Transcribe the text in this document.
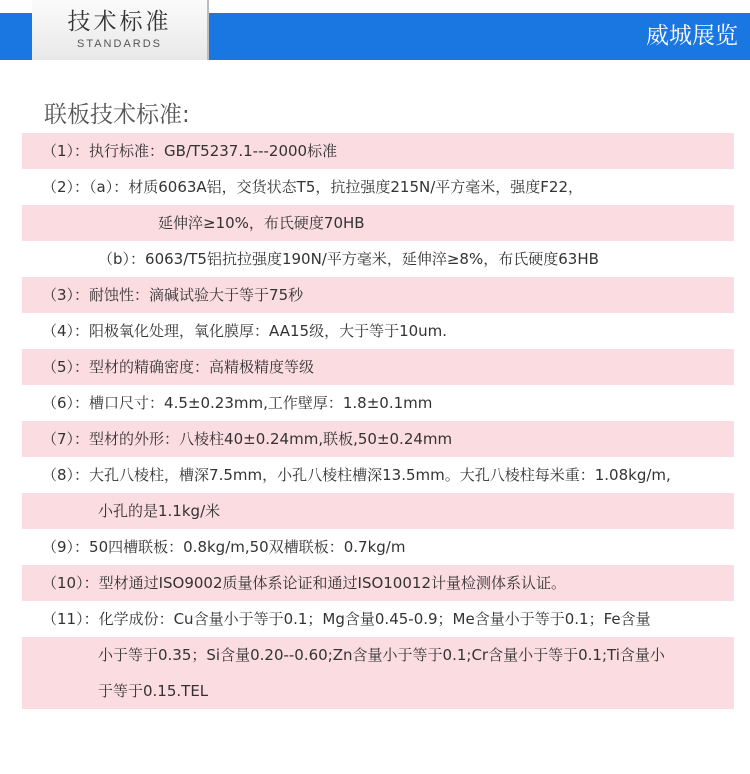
威城展览
技术标准
STANDARDS
联板技术标准:
（1）：执行标准：GB/T5237.1---2000标准
（2）：（a）：材质6063A铝，交货状态T5，抗拉强度215N/平方毫米，强度F22，
延伸淬≥10%，布氏硬度70HB
（b）：6063/T5铝抗拉强度190N/平方毫米，延伸淬≥8%，布氏硬度63HB
（3）：耐蚀性：滴碱试验大于等于75秒
（4）：阳极氧化处理，氧化膜厚：AA15级，大于等于10um.
（5）：型材的精确密度：高精极精度等级
（6）：槽口尺寸：4.5±0.23mm,工作壁厚：1.8±0.1mm
（7）：型材的外形：八棱柱40±0.24mm,联板,50±0.24mm
（8）：大孔八棱柱，槽深7.5mm，小孔八棱柱槽深13.5mm。大孔八棱柱每米重：1.08kg/m,
小孔的是1.1kg/米
（9）：50四槽联板：0.8kg/m,50双槽联板：0.7kg/m
（10）：型材通过ISO9002质量体系论证和通过ISO10012计量检测体系认证。
（11）：化学成份：Cu含量小于等于0.1；Mg含量0.45-0.9；Me含量小于等于0.1；Fe含量
小于等于0.35；Si含量0.20--0.60;Zn含量小于等于0.1;Cr含量小于等于0.1;Ti含量小
于等于0.15.TEL
